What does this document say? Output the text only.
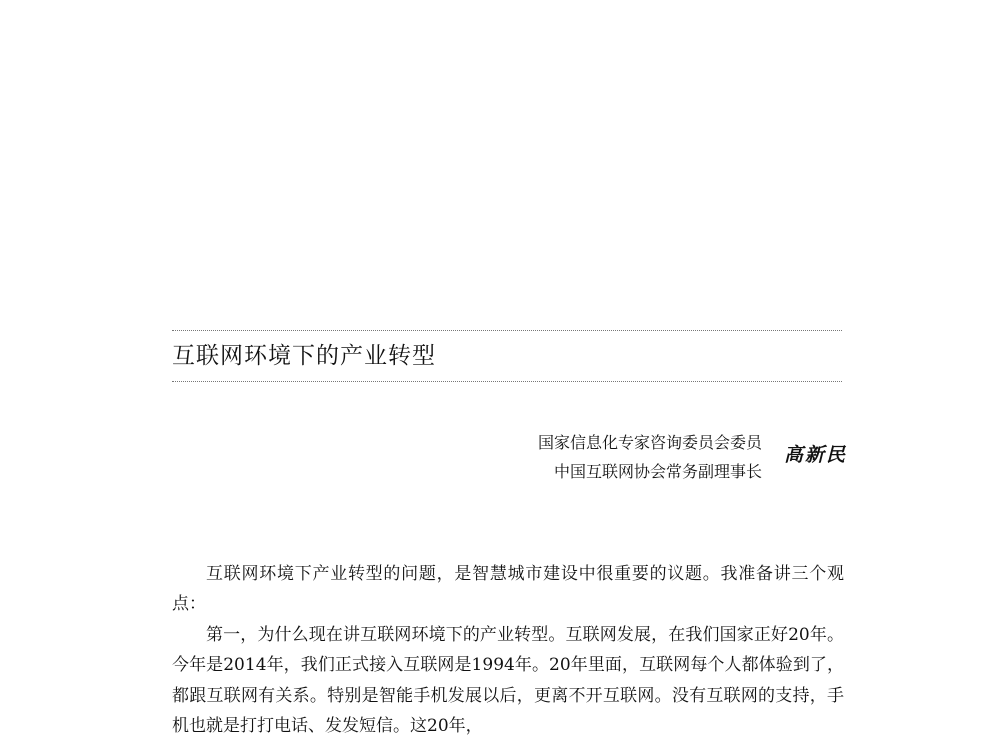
互联网环境下的产业转型
国家信息化专家咨询委员会委员
中国互联网协会常务副理事长
高新民

互联网环境下产业转型的问题，是智慧城市建设中很重要的议题。我准备讲三个观点：

第一，为什么现在讲互联网环境下的产业转型。互联网发展，在我们国家正好20年。今年是2014年，我们正式接入互联网是1994年。20年里面，互联网每个人都体验到了，都跟互联网有关系。特别是智能手机发展以后，更离不开互联网。没有互联网的支持，手机也就是打打电话、发发短信。这20年，
